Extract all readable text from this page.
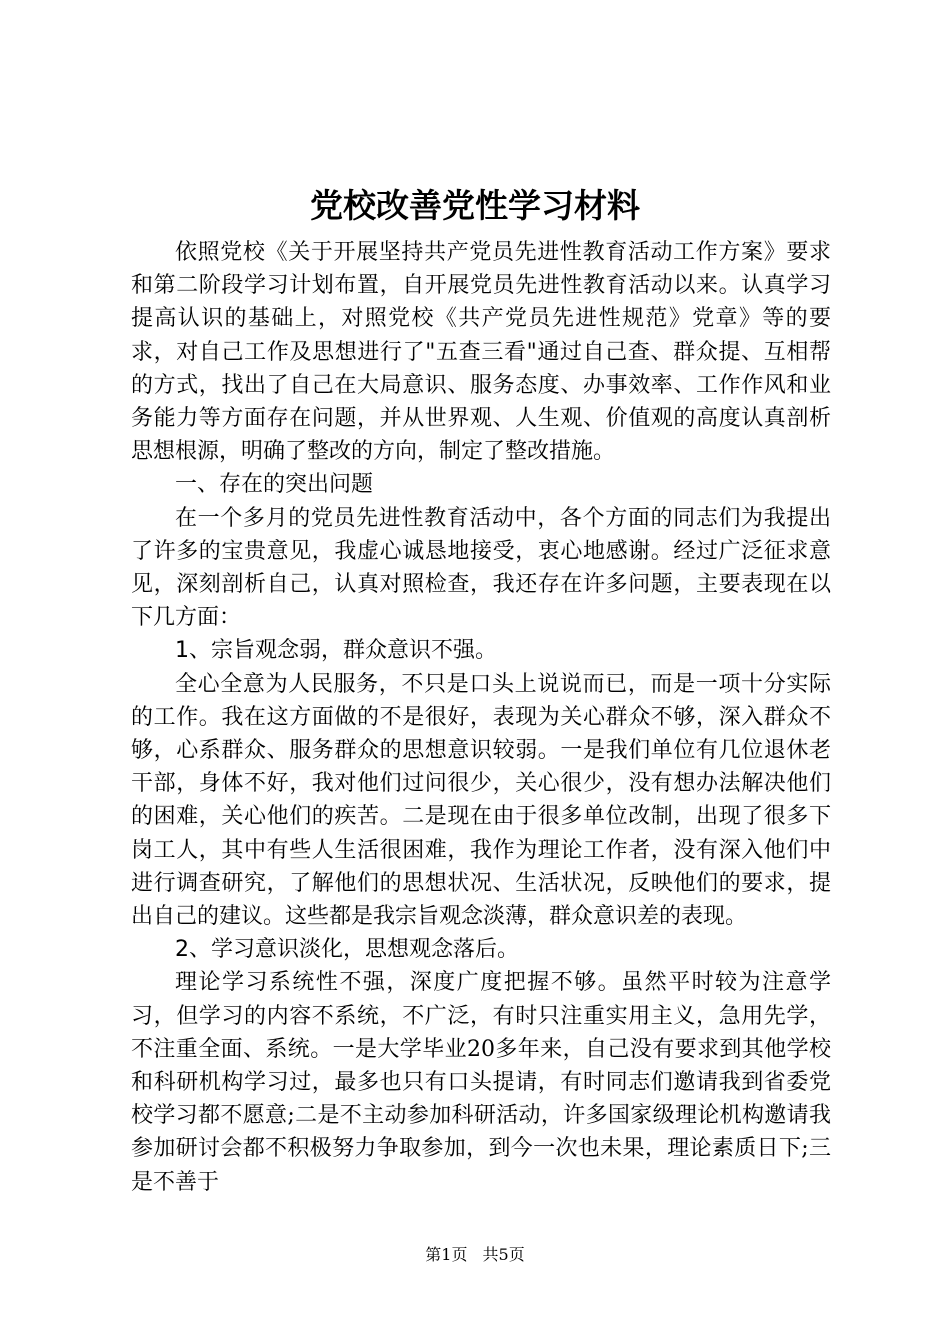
党校改善党性学习材料

依照党校《关于开展坚持共产党员先进性教育活动工作方案》要求和第二阶段学习计划布置，自开展党员先进性教育活动以来。认真学习提高认识的基础上，对照党校《共产党员先进性规范》党章》等的要求，对自己工作及思想进行了"五查三看"通过自己查、群众提、互相帮的方式，找出了自己在大局意识、服务态度、办事效率、工作作风和业务能力等方面存在问题，并从世界观、人生观、价值观的高度认真剖析思想根源，明确了整改的方向，制定了整改措施。

一、存在的突出问题

在一个多月的党员先进性教育活动中，各个方面的同志们为我提出了许多的宝贵意见，我虚心诚恳地接受，衷心地感谢。经过广泛征求意见，深刻剖析自己，认真对照检查，我还存在许多问题，主要表现在以下几方面：

1、宗旨观念弱，群众意识不强。

全心全意为人民服务，不只是口头上说说而已，而是一项十分实际的工作。我在这方面做的不是很好，表现为关心群众不够，深入群众不够，心系群众、服务群众的思想意识较弱。一是我们单位有几位退休老干部，身体不好，我对他们过问很少，关心很少，没有想办法解决他们的困难，关心他们的疾苦。二是现在由于很多单位改制，出现了很多下岗工人，其中有些人生活很困难，我作为理论工作者，没有深入他们中进行调查研究，了解他们的思想状况、生活状况，反映他们的要求，提出自己的建议。这些都是我宗旨观念淡薄，群众意识差的表现。

2、学习意识淡化，思想观念落后。

理论学习系统性不强，深度广度把握不够。虽然平时较为注意学习，但学习的内容不系统，不广泛，有时只注重实用主义，急用先学，不注重全面、系统。一是大学毕业20多年来，自己没有要求到其他学校和科研机构学习过，最多也只有口头提请，有时同志们邀请我到省委党校学习都不愿意;二是不主动参加科研活动，许多国家级理论机构邀请我参加研讨会都不积极努力争取参加，到今一次也未果，理论素质日下;三是不善于

第1页 共5页
